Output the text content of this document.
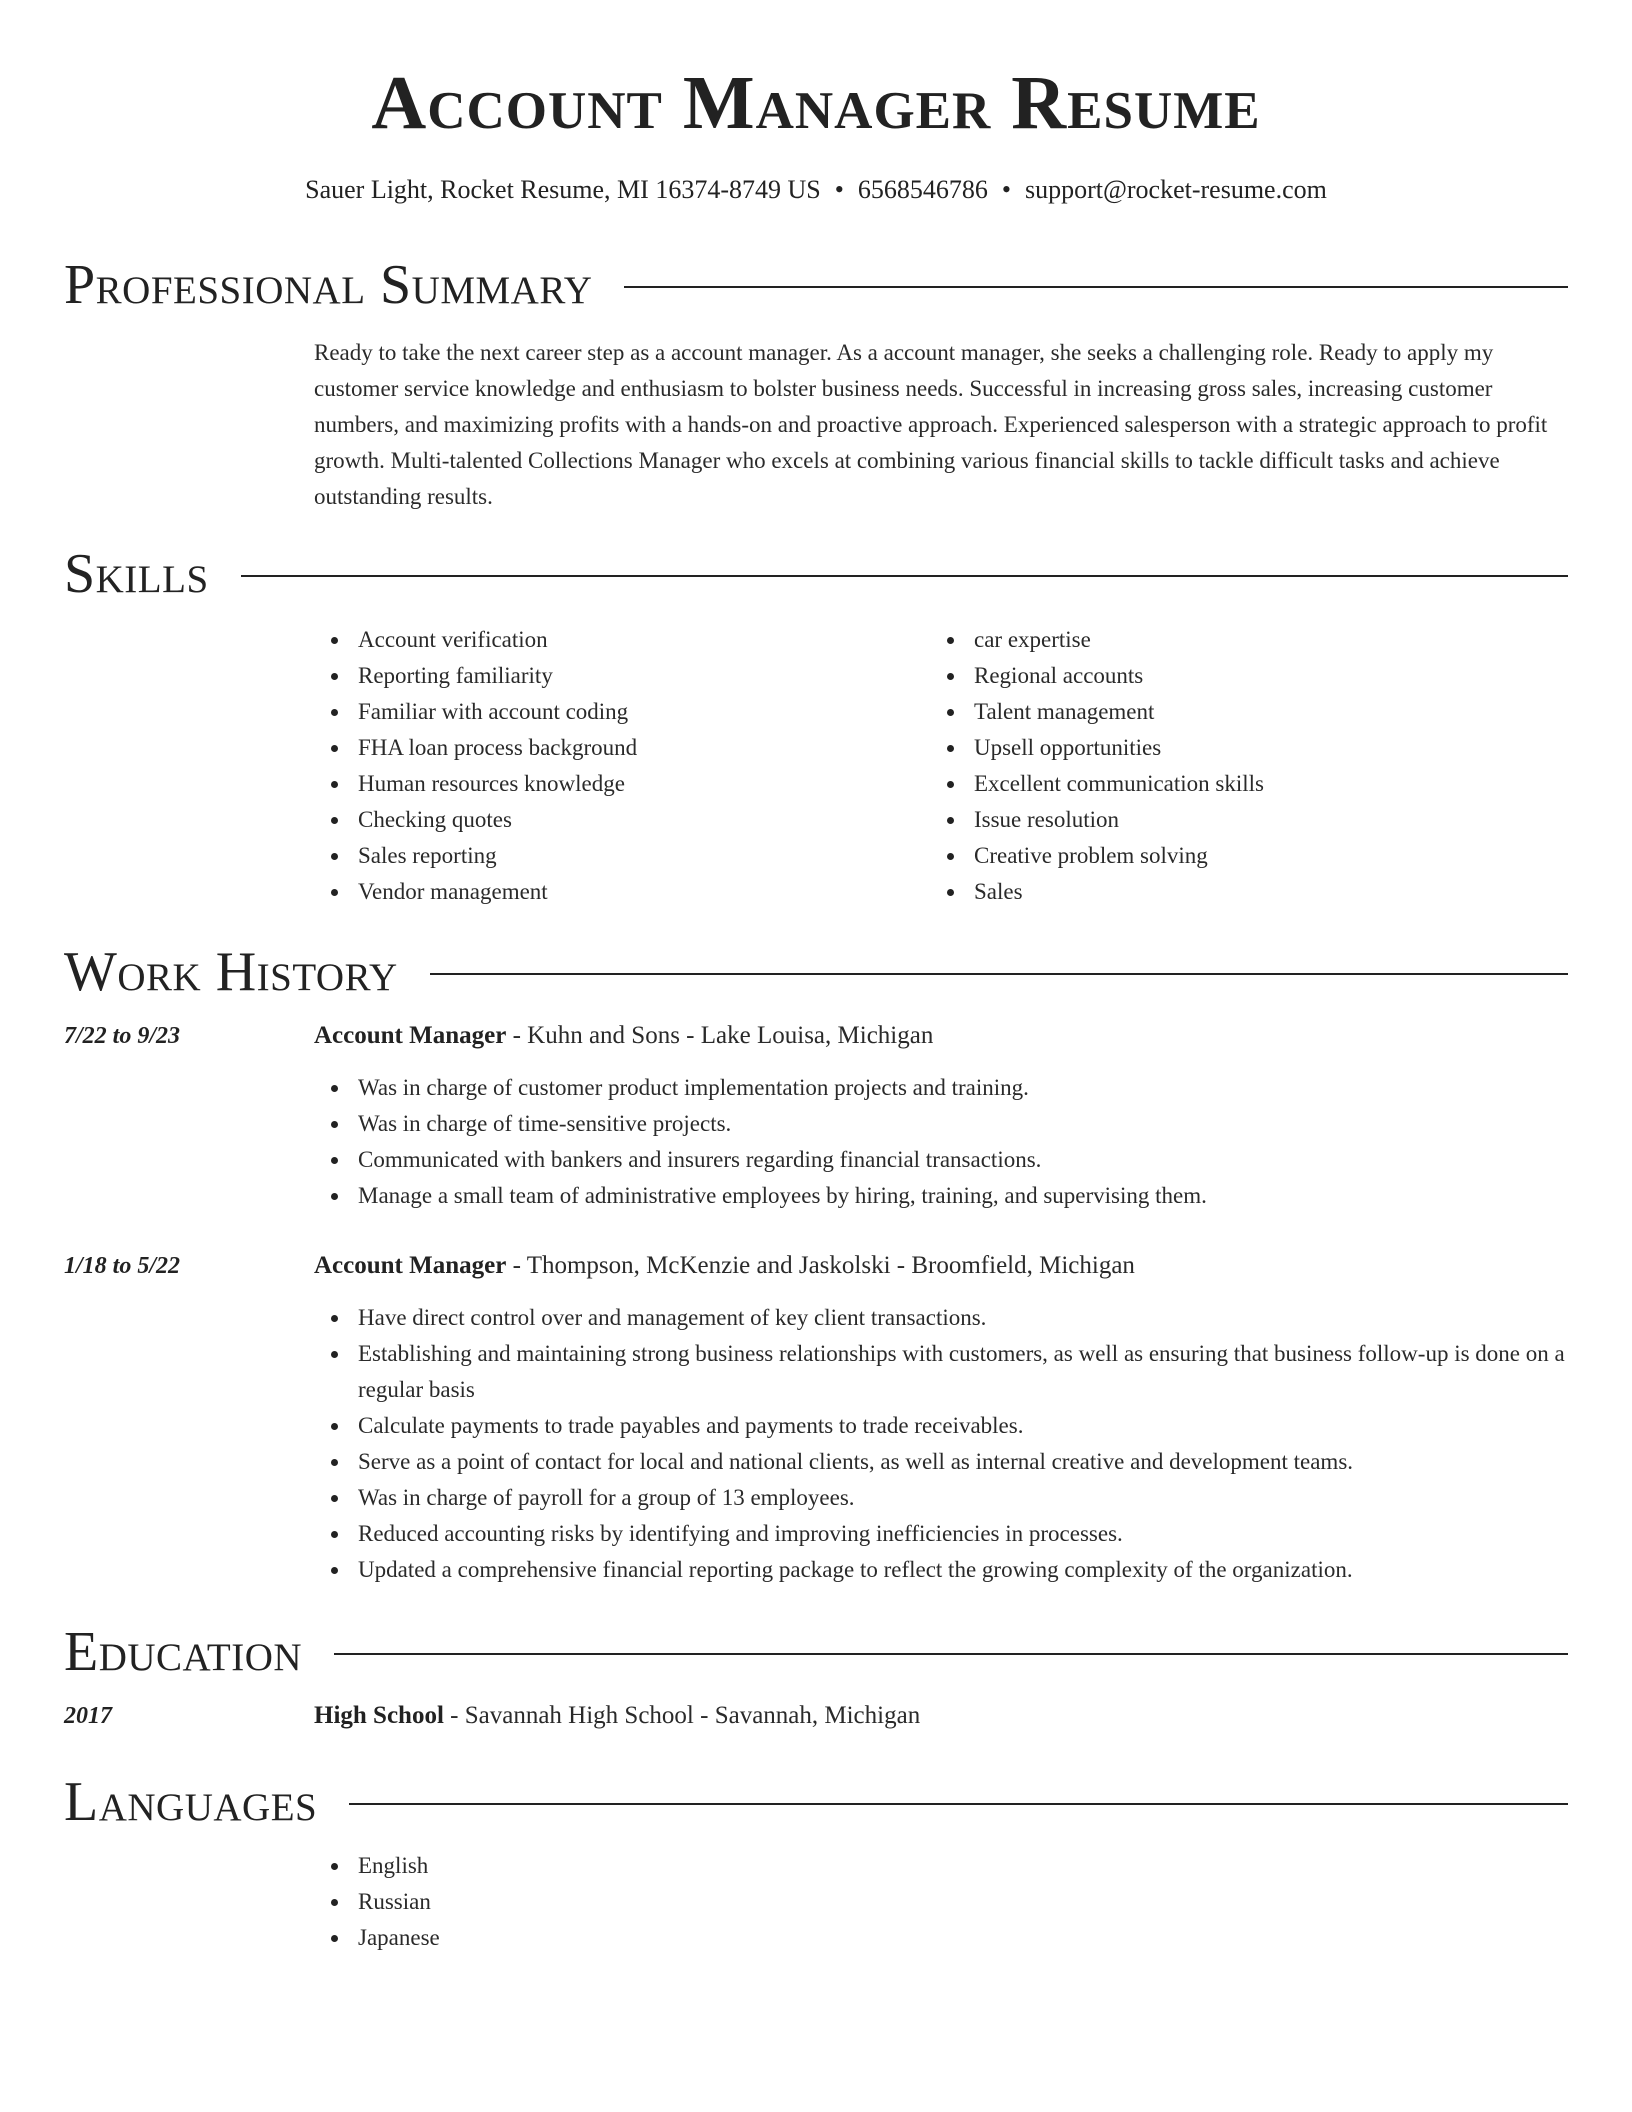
Account Manager Resume
Sauer Light, Rocket Resume, MI 16374-8749 US • 6568546786 • support@rocket-resume.com
Professional Summary

Ready to take the next career step as a account manager. As a account manager, she seeks a challenging role. Ready to apply my customer service knowledge and enthusiasm to bolster business needs. Successful in increasing gross sales, increasing customer numbers, and maximizing profits with a hands-on and proactive approach. Experienced salesperson with a strategic approach to profit growth. Multi-talented Collections Manager who excels at combining various financial skills to tackle difficult tasks and achieve outstanding results.

Skills
Account verification
Reporting familiarity
Familiar with account coding
FHA loan process background
Human resources knowledge
Checking quotes
Sales reporting
Vendor management
car expertise
Regional accounts
Talent management
Upsell opportunities
Excellent communication skills
Issue resolution
Creative problem solving
Sales
Work History
7/22 to 9/23	Account Manager - Kuhn and Sons - Lake Louisa, Michigan
Was in charge of customer product implementation projects and training.
Was in charge of time-sensitive projects.
Communicated with bankers and insurers regarding financial transactions.
Manage a small team of administrative employees by hiring, training, and supervising them.
1/18 to 5/22	Account Manager - Thompson, McKenzie and Jaskolski - Broomfield, Michigan
Have direct control over and management of key client transactions.
Establishing and maintaining strong business relationships with customers, as well as ensuring that business follow-up is done on a regular basis
Calculate payments to trade payables and payments to trade receivables.
Serve as a point of contact for local and national clients, as well as internal creative and development teams.
Was in charge of payroll for a group of 13 employees.
Reduced accounting risks by identifying and improving inefficiencies in processes.
Updated a comprehensive financial reporting package to reflect the growing complexity of the organization.
Education
2017	High School - Savannah High School - Savannah, Michigan
Languages
English
Russian
Japanese
